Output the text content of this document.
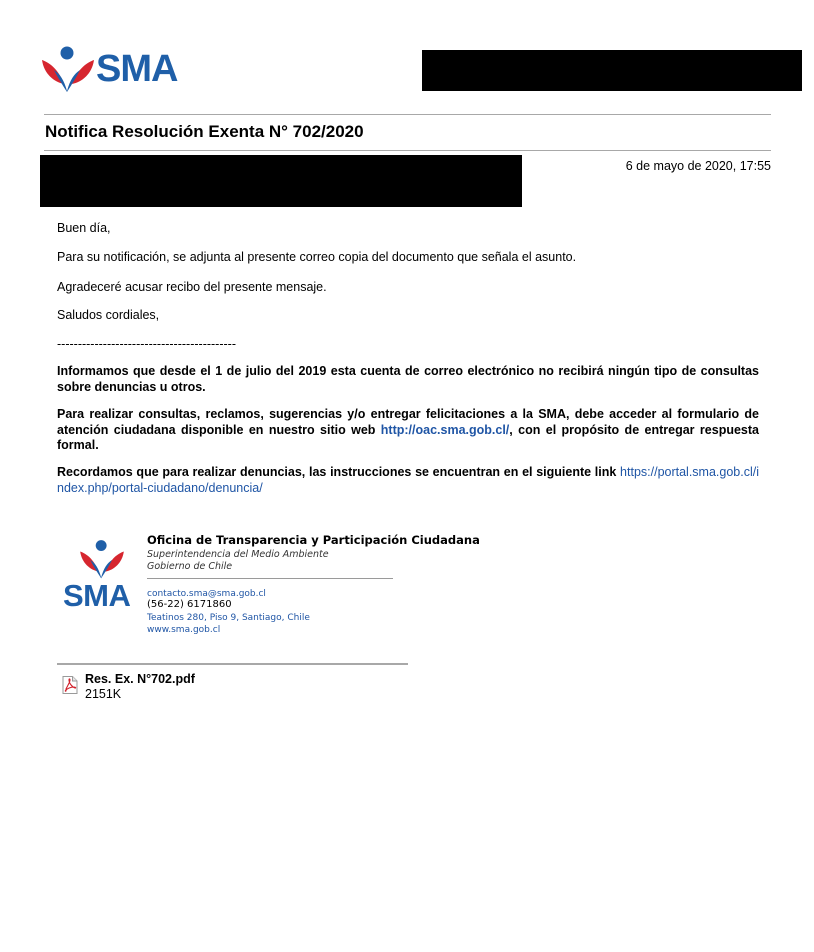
SMA
Notifica Resolución Exenta N° 702/2020
6 de mayo de 2020, 17:55
Buen día,
Para su notificación, se adjunta al presente correo copia del documento que señala el asunto.
Agradeceré acusar recibo del presente mensaje.
Saludos cordiales,
-------------------------------------------
Informamos que desde el 1 de julio del 2019 esta cuenta de correo electrónico no recibirá ningún tipo de consultas sobre denuncias u otros.
Para realizar consultas, reclamos, sugerencias y/o entregar felicitaciones a la SMA, debe acceder al formulario de atención ciudadana disponible en nuestro sitio web http://oac.sma.gob.cl/, con el propósito de entregar respuesta formal.
Recordamos que para realizar denuncias, las instrucciones se encuentran en el siguiente link https://portal.sma.gob.cl/index.php/portal-ciudadano/denuncia/
SMA
Oficina de Transparencia y Participación Ciudadana
Superintendencia del Medio Ambiente
Gobierno de Chile
contacto.sma@sma.gob.cl
(56-22) 6171860
Teatinos 280, Piso 9, Santiago, Chile
www.sma.gob.cl
Res. Ex. N°702.pdf
2151K
